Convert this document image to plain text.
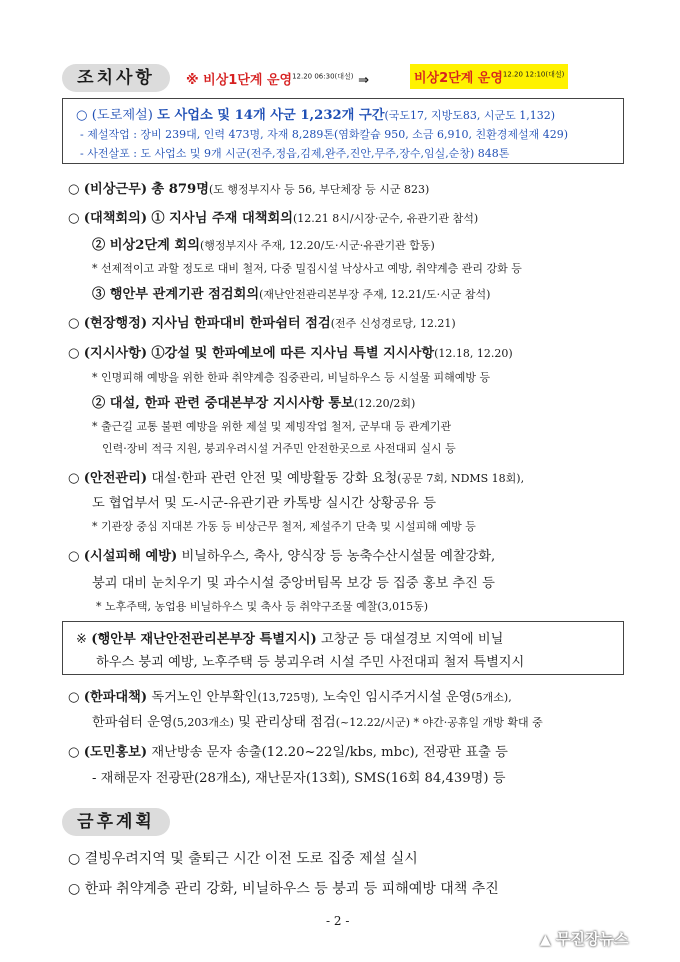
조치사항	※ 비상1단계 운영$^{12.20 06:30(대설)}$ ⇒	비상2단계 운영$^{12.20 12:10(대설)}$
○ (도로제설) 도 사업소 및 14개 사군 1,232개 구간(국도17, 지방도83, 시군도 1,132)
- 제설작업 : 장비 239대, 인력 473명, 자재 8,289톤(염화칼슘 950, 소금 6,910, 친환경제설재 429)
- 사전살포 : 도 사업소 및 9개 시군(전주,정읍,김제,완주,진안,무주,장수,임실,순창) 848톤
○ (비상근무) 총 879명(도 행정부지사 등 56, 부단체장 등 시군 823)
○ (대책회의) ① 지사님 주재 대책회의(12.21 8시/시장·군수, 유관기관 참석)
② 비상2단계 회의(행정부지사 주재, 12.20/도·시군·유관기관 합동)
* 선제적이고 과할 정도로 대비 철저, 다중 밀집시설 낙상사고 예방, 취약계층 관리 강화 등
③ 행안부 관계기관 점검회의(재난안전관리본부장 주재, 12.21/도·시군 참석)
○ (현장행정) 지사님 한파대비 한파쉼터 점검(전주 신성경로당, 12.21)
○ (지시사항) ①강설 및 한파예보에 따른 지사님 특별 지시사항(12.18, 12.20)
* 인명피해 예방을 위한 한파 취약계층 집중관리, 비닐하우스 등 시설물 피해예방 등
② 대설, 한파 관련 중대본부장 지시사항 통보(12.20/2회)
* 출근길 교통 불편 예방을 위한 제설 및 제빙작업 철저, 군부대 등 관계기관
인력·장비 적극 지원, 붕괴우려시설 거주민 안전한곳으로 사전대피 실시 등
○ (안전관리) 대설·한파 관련 안전 및 예방활동 강화 요청(공문 7회, NDMS 18회),
도 협업부서 및 도-시군-유관기관 카톡방 실시간 상황공유 등
* 기관장 중심 지대본 가동 등 비상근무 철저, 제설주기 단축 및 시설피해 예방 등
○ (시설피해 예방) 비닐하우스, 축사, 양식장 등 농축수산시설물 예찰강화,
붕괴 대비 눈치우기 및 과수시설 중앙버팀목 보강 등 집중 홍보 추진 등
* 노후주택, 농업용 비닐하우스 및 축사 등 취약구조물 예찰(3,015동)
※ (행안부 재난안전관리본부장 특별지시) 고창군 등 대설경보 지역에 비닐
하우스 붕괴 예방, 노후주택 등 붕괴우려 시설 주민 사전대피 철저 특별지시
○ (한파대책) 독거노인 안부확인(13,725명), 노숙인 임시주거시설 운영(5개소),
한파쉼터 운영(5,203개소) 및 관리상태 점검(~12.22/시군) * 야간·공휴일 개방 확대 중
○ (도민홍보) 재난방송 문자 송출(12.20~22일/kbs, mbc), 전광판 표출 등
- 재해문자 전광판(28개소), 재난문자(13회), SMS(16회 84,439명) 등
금후계획
○ 결빙우려지역 및 출퇴근 시간 이전 도로 집중 제설 실시
○ 한파 취약계층 관리 강화, 비닐하우스 등 붕괴 등 피해예방 대책 추진
- 2 -
▲ 무진장뉴스
